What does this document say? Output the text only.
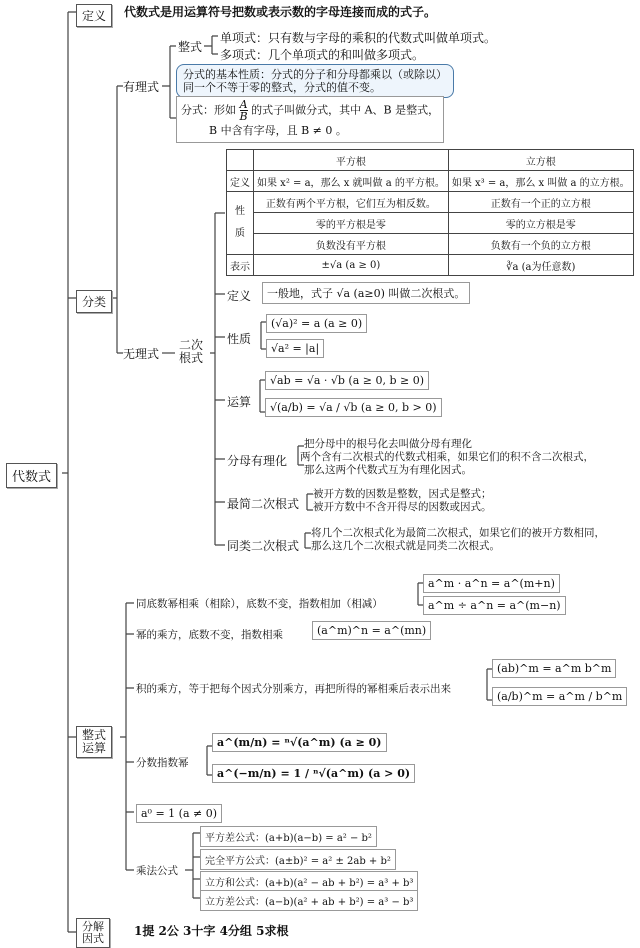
代数式
定义	代数式是用运算符号把数或表示数的字母连接而成的式子。
分类
有理式
整式
单项式：只有数与字母的乘积的代数式叫做单项式。
多项式：几个单项式的和叫做多项式。
分式的基本性质：分式的分子和分母都乘以（或除以）
同一个不等于零的整式，分式的值不变。
分式：形如 $\frac{A}{B}$ 的式子叫做分式，其中 A、B 是整式，
B 中含有字母，且 B ≠ 0 。
无理式
二次
根式
	平方根	立方根
定义	如果 x² = a，那么 x 就叫做 a 的平方根。	如果 x³ = a，那么 x 叫做 a 的立方根。

性
质	正数有两个平方根，它们互为相反数。	正数有一个正的立方根
	零的平方根是零	零的立方根是零
	负数没有平方根	负数有一个负的立方根
表示	±√a (a ≥ 0)	∛a (a为任意数)
定义	一般地，式子 √a (a≥0) 叫做二次根式。
性质
(√a)² = a (a ≥ 0)
√a² = |a|
运算
√ab = √a · √b (a ≥ 0, b ≥ 0)
√(a/b) = √a / √b (a ≥ 0, b > 0)
分母有理化
把分母中的根号化去叫做分母有理化
两个含有二次根式的代数式相乘，如果它们的积不含二次根式，
那么这两个代数式互为有理化因式。
最简二次根式
被开方数的因数是整数，因式是整式；
被开方数中不含开得尽的因数或因式。
同类二次根式
将几个二次根式化为最简二次根式，如果它们的被开方数相同，
那么这几个二次根式就是同类二次根式。
整式
运算
同底数幂相乘（相除），底数不变，指数相加（相减）
a^m · a^n = a^(m+n)
a^m ÷ a^n = a^(m−n)
幂的乘方，底数不变，指数相乘	(a^m)^n = a^(mn)
积的乘方，等于把每个因式分别乘方，再把所得的幂相乘后表示出来
(ab)^m = a^m b^m
(a/b)^m = a^m / b^m
分数指数幂
a^(m/n) = ⁿ√(a^m) (a ≥ 0)
a^(−m/n) = 1 / ⁿ√(a^m) (a > 0)
a⁰ = 1 (a ≠ 0)
乘法公式
平方差公式：(a+b)(a−b) = a² − b²
完全平方公式：(a±b)² = a² ± 2ab + b²
立方和公式：(a+b)(a² − ab + b²) = a³ + b³
立方差公式：(a−b)(a² + ab + b²) = a³ − b³
分解
因式
1提 2公 3十字 4分组 5求根
